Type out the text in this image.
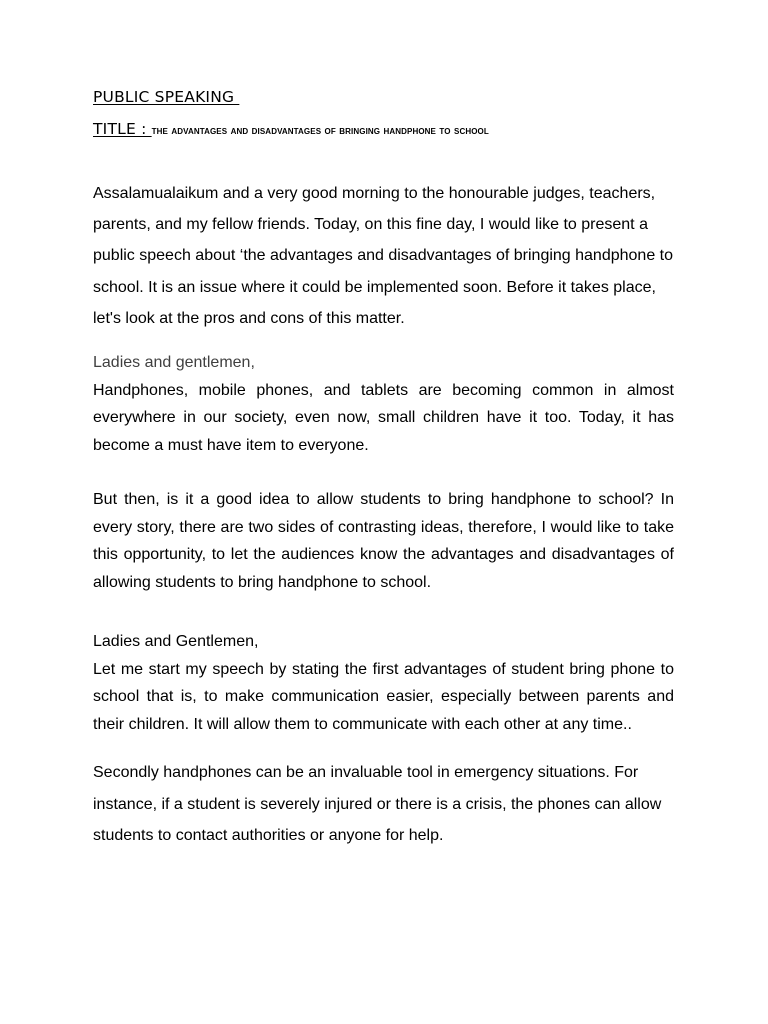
PUBLIC SPEAKING

TITLE : the advantages and disadvantages of bringing handphone to school

Assalamualaikum and a very good morning to the honourable judges, teachers, parents, and my fellow friends. Today, on this fine day, I would like to present a public speech about ‘the advantages and disadvantages of bringing handphone to school. It is an issue where it could be implemented soon. Before it takes place, let's look at the pros and cons of this matter.

Ladies and gentlemen,

Handphones, mobile phones, and tablets are becoming common in almost everywhere in our society, even now, small children have it too. Today, it has become a must have item to everyone.

But then, is it a good idea to allow students to bring handphone to school? In every story, there are two sides of contrasting ideas, therefore, I would like to take this opportunity, to let the audiences know the advantages and disadvantages of allowing students to bring handphone to school.

Ladies and Gentlemen,

Let me start my speech by stating the first advantages of student bring phone to school that is, to make communication easier, especially between parents and their children. It will allow them to communicate with each other at any time..

Secondly handphones can be an invaluable tool in emergency situations. For instance, if a student is severely injured or there is a crisis, the phones can allow students to contact authorities or anyone for help.
